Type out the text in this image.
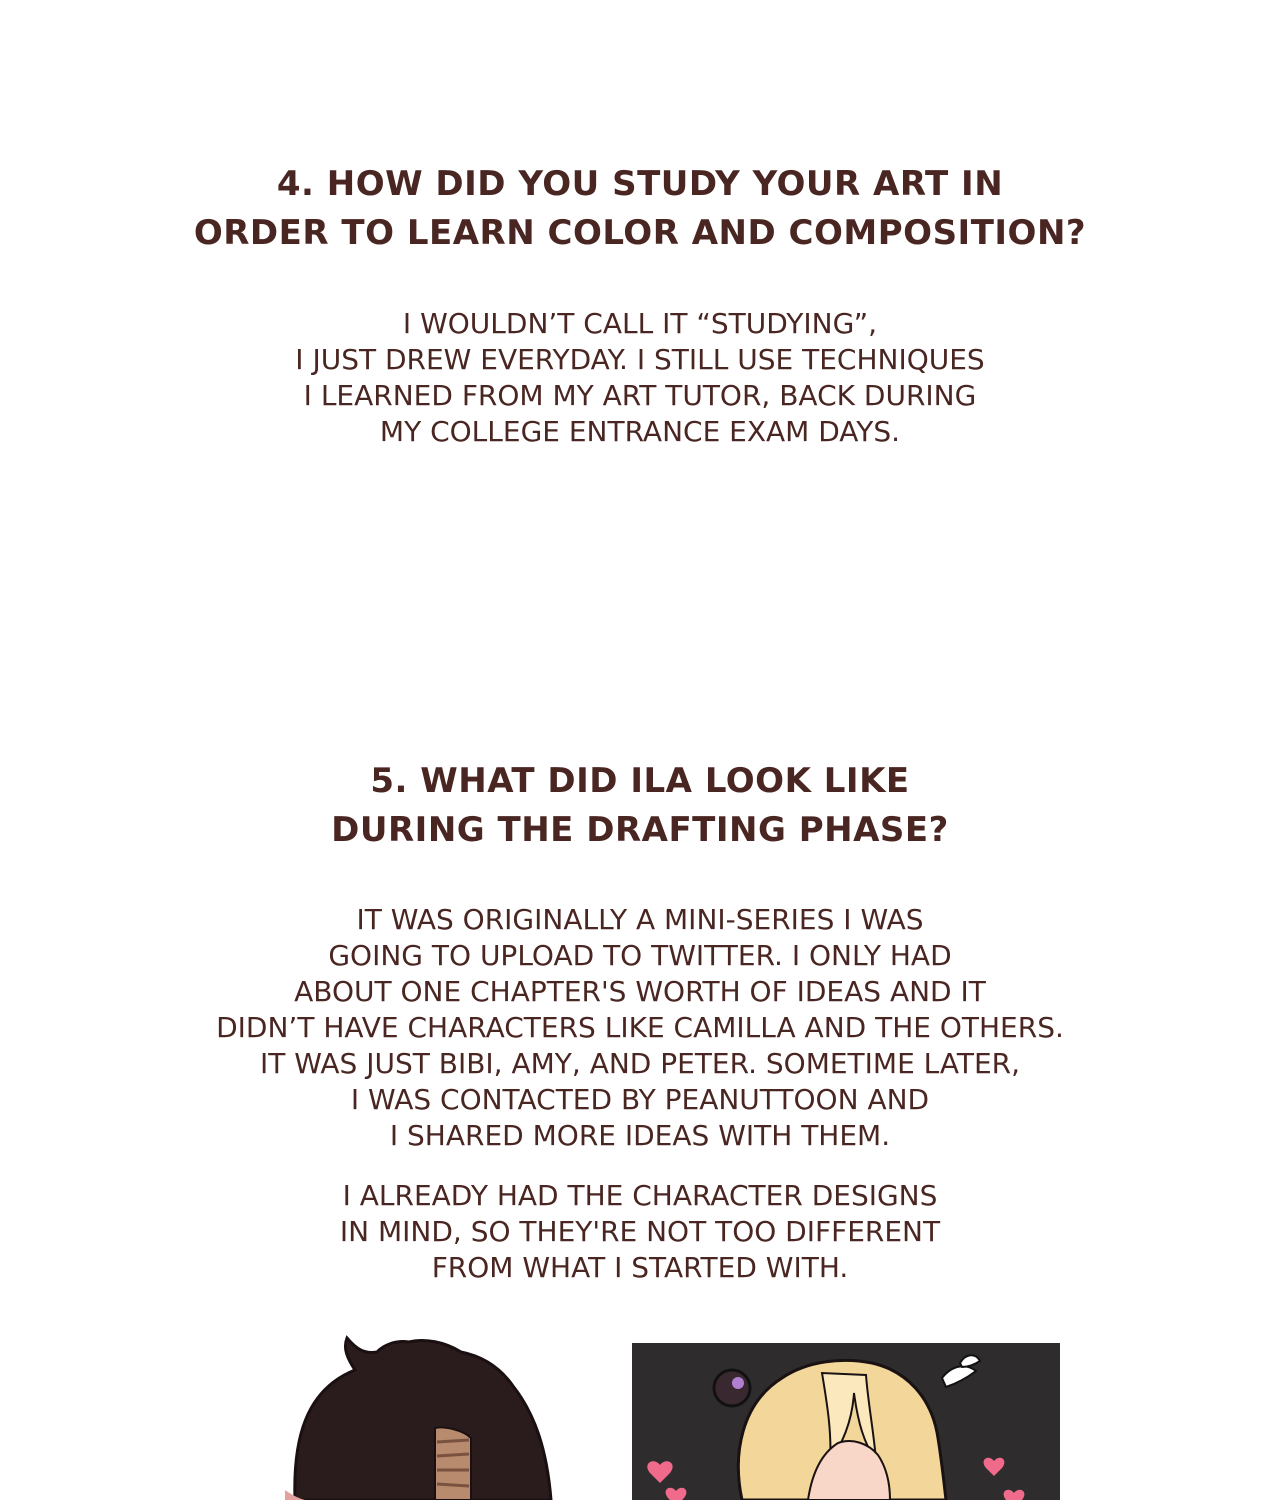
4. HOW DID YOU STUDY YOUR ART IN
ORDER TO LEARN COLOR AND COMPOSITION?
I WOULDN’T CALL IT “STUDYING”,
I JUST DREW EVERYDAY. I STILL USE TECHNIQUES
I LEARNED FROM MY ART TUTOR, BACK DURING
MY COLLEGE ENTRANCE EXAM DAYS.
5. WHAT DID ILA LOOK LIKE
DURING THE DRAFTING PHASE?
IT WAS ORIGINALLY A MINI-SERIES I WAS
GOING TO UPLOAD TO TWITTER. I ONLY HAD
ABOUT ONE CHAPTER'S WORTH OF IDEAS AND IT
DIDN’T HAVE CHARACTERS LIKE CAMILLA AND THE OTHERS.
IT WAS JUST BIBI, AMY, AND PETER. SOMETIME LATER,
I WAS CONTACTED BY PEANUTTOON AND
I SHARED MORE IDEAS WITH THEM.
I ALREADY HAD THE CHARACTER DESIGNS
IN MIND, SO THEY'RE NOT TOO DIFFERENT
FROM WHAT I STARTED WITH.
